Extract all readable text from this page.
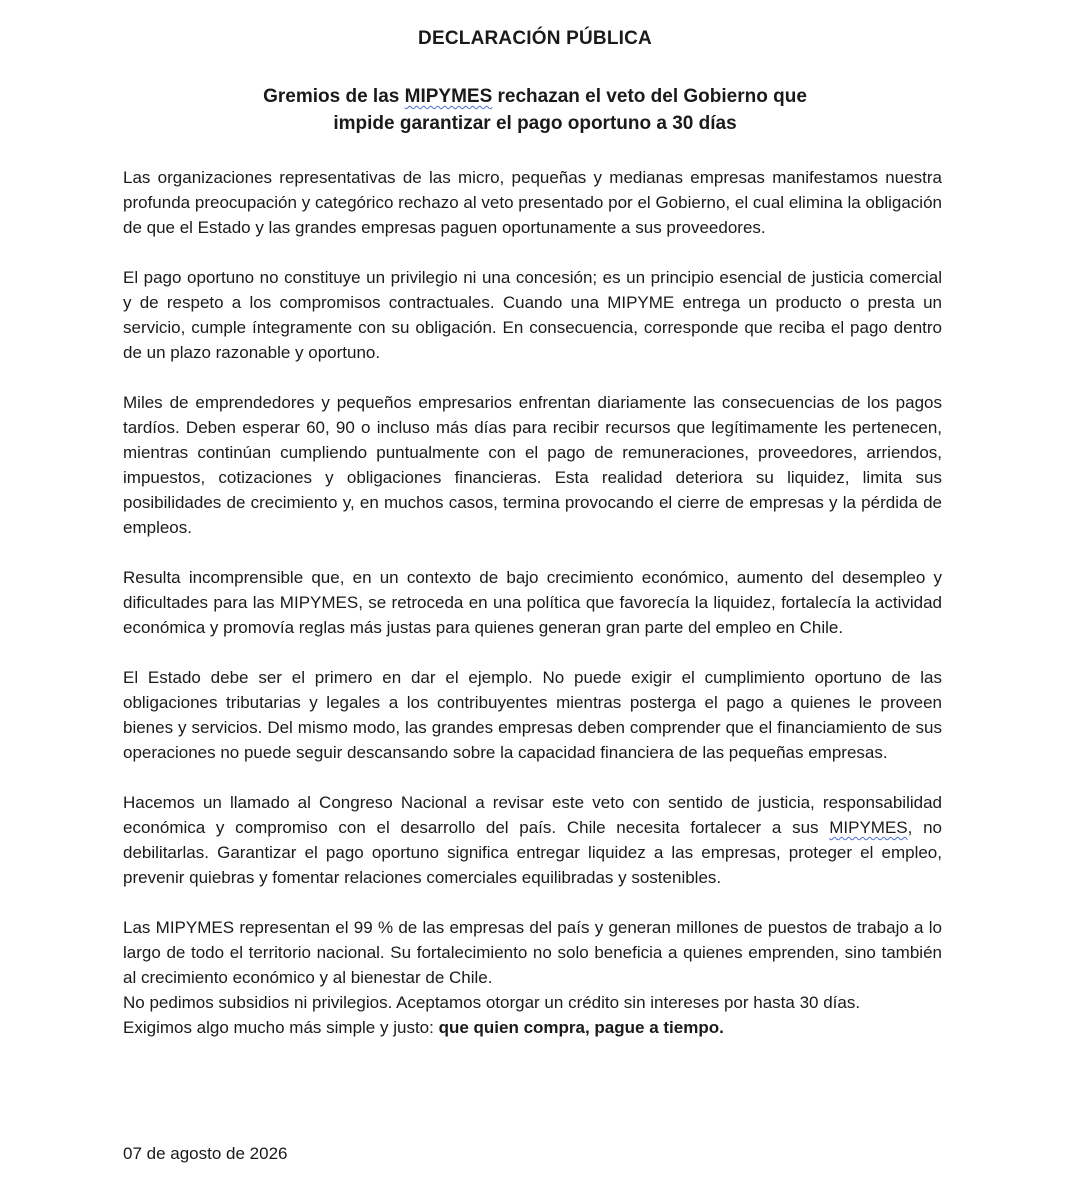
DECLARACIÓN PÚBLICA
Gremios de las MIPYMES rechazan el veto del Gobierno que
impide garantizar el pago oportuno a 30 días

Las organizaciones representativas de las micro, pequeñas y medianas empresas manifestamos nuestra profunda preocupación y categórico rechazo al veto presentado por el Gobierno, el cual elimina la obligación de que el Estado y las grandes empresas paguen oportunamente a sus proveedores.

El pago oportuno no constituye un privilegio ni una concesión; es un principio esencial de justicia comercial y de respeto a los compromisos contractuales. Cuando una MIPYME entrega un producto o presta un servicio, cumple íntegramente con su obligación. En consecuencia, corresponde que reciba el pago dentro de un plazo razonable y oportuno.

Miles de emprendedores y pequeños empresarios enfrentan diariamente las consecuencias de los pagos tardíos. Deben esperar 60, 90 o incluso más días para recibir recursos que legítimamente les pertenecen, mientras continúan cumpliendo puntualmente con el pago de remuneraciones, proveedores, arriendos, impuestos, cotizaciones y obligaciones financieras. Esta realidad deteriora su liquidez, limita sus posibilidades de crecimiento y, en muchos casos, termina provocando el cierre de empresas y la pérdida de empleos.

Resulta incomprensible que, en un contexto de bajo crecimiento económico, aumento del desempleo y dificultades para las MIPYMES, se retroceda en una política que favorecía la liquidez, fortalecía la actividad económica y promovía reglas más justas para quienes generan gran parte del empleo en Chile.

El Estado debe ser el primero en dar el ejemplo. No puede exigir el cumplimiento oportuno de las obligaciones tributarias y legales a los contribuyentes mientras posterga el pago a quienes le proveen bienes y servicios. Del mismo modo, las grandes empresas deben comprender que el financiamiento de sus operaciones no puede seguir descansando sobre la capacidad financiera de las pequeñas empresas.

Hacemos un llamado al Congreso Nacional a revisar este veto con sentido de justicia, responsabilidad económica y compromiso con el desarrollo del país. Chile necesita fortalecer a sus MIPYMES, no debilitarlas. Garantizar el pago oportuno significa entregar liquidez a las empresas, proteger el empleo, prevenir quiebras y fomentar relaciones comerciales equilibradas y sostenibles.

Las MIPYMES representan el 99 % de las empresas del país y generan millones de puestos de trabajo a lo largo de todo el territorio nacional. Su fortalecimiento no solo beneficia a quienes emprenden, sino también al crecimiento económico y al bienestar de Chile.

No pedimos subsidios ni privilegios. Aceptamos otorgar un crédito sin intereses por hasta 30 días.

Exigimos algo mucho más simple y justo: que quien compra, pague a tiempo.

07 de agosto de 2026
